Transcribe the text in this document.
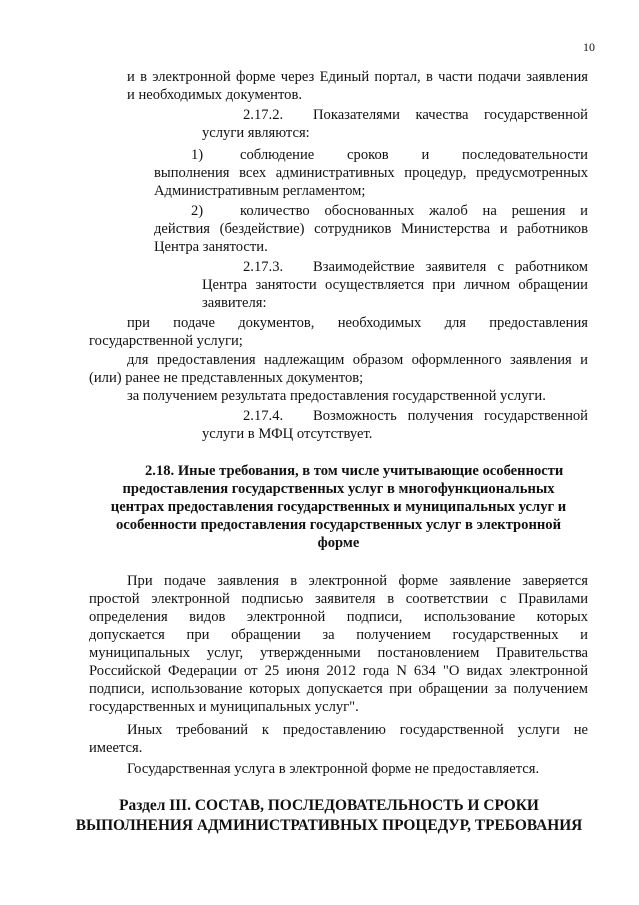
10
и в электронной форме через Единый портал, в части подачи заявления
и необходимых документов.
2.17.2. Показателями качества государственной
услуги являются:
1)	соблюдение сроков и последовательности
выполнения всех административных процедур, предусмотренных
Административным регламентом;
2)	количество обоснованных жалоб на решения и
действия (бездействие) сотрудников Министерства и работников
Центра занятости.
2.17.3. Взаимодействие заявителя с работником
Центра занятости осуществляется при личном обращении
заявителя:
при подаче документов, необходимых для предоставления
государственной услуги;
для предоставления надлежащим образом оформленного заявления и
(или) ранее не представленных документов;
за получением результата предоставления государственной услуги.
2.17.4. Возможность получения государственной
услуги в МФЦ отсутствует.
2.18. Иные требования, в том числе учитывающие особенности
предоставления государственных услуг в многофункциональных
центрах предоставления государственных и муниципальных услуг и
особенности предоставления государственных услуг в электронной
форме
При подаче заявления в электронной форме заявление заверяется
простой электронной подписью заявителя в соответствии с Правилами
определения видов электронной подписи, использование которых
допускается при обращении за получением государственных и
муниципальных услуг, утвержденными постановлением Правительства
Российской Федерации от 25 июня 2012 года N 634 "О видах электронной
подписи, использование которых допускается при обращении за получением
государственных и муниципальных услуг".
Иных требований к предоставлению государственной услуги не
имеется.
Государственная услуга в электронной форме не предоставляется.
Раздел III. СОСТАВ, ПОСЛЕДОВАТЕЛЬНОСТЬ И СРОКИ
ВЫПОЛНЕНИЯ АДМИНИСТРАТИВНЫХ ПРОЦЕДУР, ТРЕБОВАНИЯ
